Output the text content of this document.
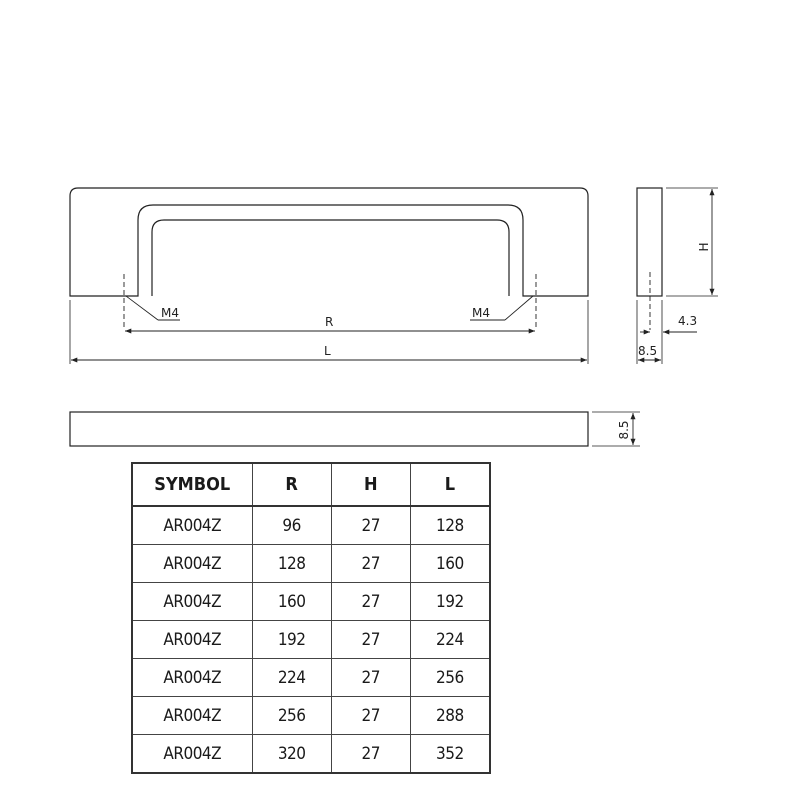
M4	M4
R
L
H
4.3
8.5
8.5
SYMBOL	R	H	L
AR004Z	96	27	128
AR004Z	128	27	160
AR004Z	160	27	192
AR004Z	192	27	224
AR004Z	224	27	256
AR004Z	256	27	288
AR004Z	320	27	352
